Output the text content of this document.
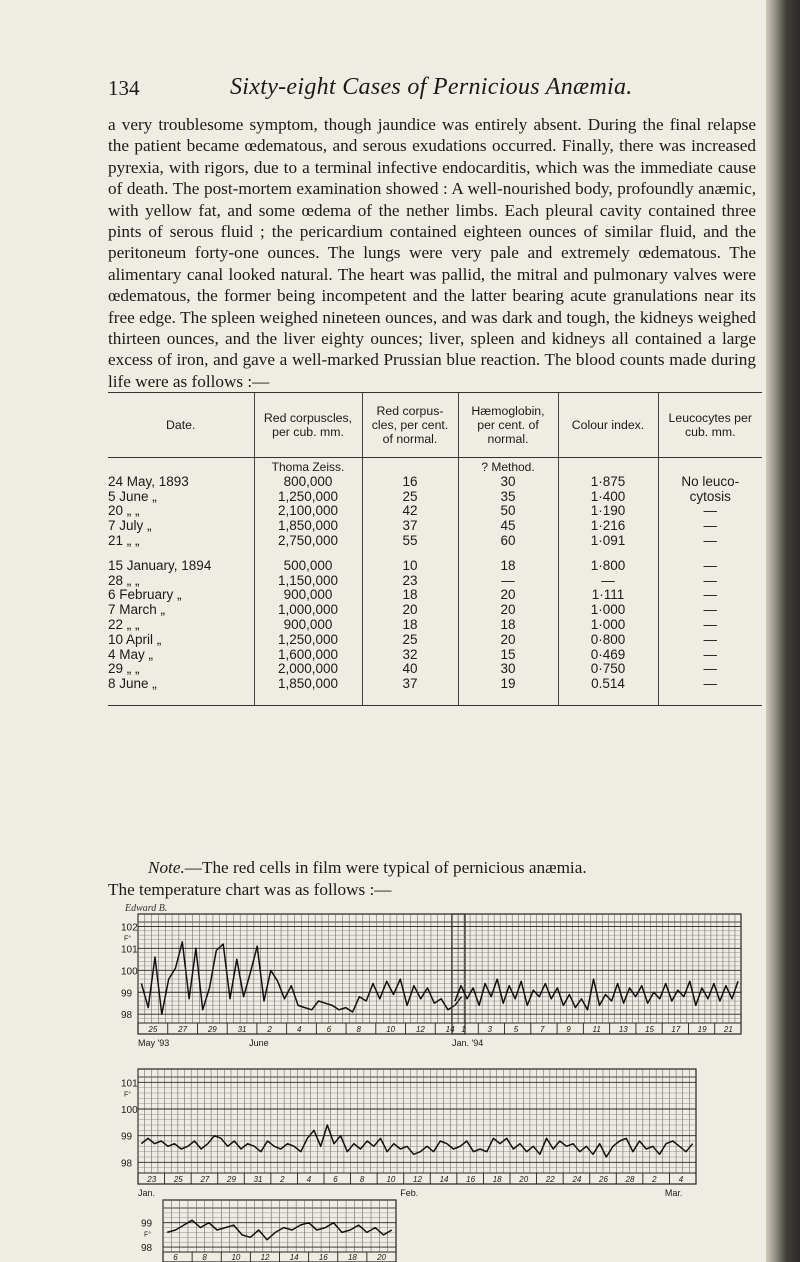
134	Sixty-eight Cases of Pernicious Anæmia.

a very troublesome symptom, though jaundice was entirely absent. During the final relapse the patient became œdematous, and serous exudations occurred. Finally, there was increased pyrexia, with rigors, due to a terminal infective endocarditis, which was the immediate cause of death. The post-mortem examination showed : A well-nourished body, profoundly anæmic, with yellow fat, and some œdema of the nether limbs. Each pleural cavity contained three pints of serous fluid ; the pericardium contained eighteen ounces of similar fluid, and the peritoneum forty-one ounces. The lungs were very pale and extremely œdematous. The alimentary canal looked natural. The heart was pallid, the mitral and pulmonary valves were œdematous, the former being incompetent and the latter bearing acute granulations near its free edge. The spleen weighed nineteen ounces, and was dark and tough, the kidneys weighed thirteen ounces, and the liver eighty ounces; liver, spleen and kidneys all contained a large excess of iron, and gave a well-marked Prussian blue reaction. The blood counts made during life were as follows :—

Date.	Red corpuscles, per cub. mm.	Red corpus-cles, per cent. of normal.	Hæmoglobin, per cent. of normal.	Colour index.	Leucocytes per cub. mm.
	Thoma Zeiss.		? Method.		
24 May, 1893	800,000	16	30	1·875	No leuco-
5 June „	1,250,000	25	35	1·400	cytosis
20 „ „	2,100,000	42	50	1·190	—
7 July „	1,850,000	37	45	1·216	—
21 „ „	2,750,000	55	60	1·091	—

15 January, 1894	500,000	10	18	1·800	—
28 „ „	1,150,000	23	—	—	—
6 February „	900,000	18	20	1·111	—
7 March „	1,000,000	20	20	1·000	—
22 „ „	900,000	18	18	1·000	—
10 April „	1,250,000	25	20	0·800	—
4 May „	1,600,000	32	15	0·469	—
29 „ „	2,000,000	40	30	0·750	—
8 June „	1,850,000	37	19	0.514	—
Note.—The red cells in film were typical of pernicious anæmia.
The temperature chart was as follows :—
Edward B.
25	27	29	31	2	4	6	8	10	12	14
102
101
100
99
98
F°
May '93	June
1	3	5	7	9	11 13 15 17 19 21
Jan. '94
23 25 27 29 31 2	4	6	8	10 12 14 16 18 20 22 24 26 28 2	4
101
100
99
98
F°
Jan.	Feb.	Mar.
6	8	10	12	14	16	18	20
99
98
F°
